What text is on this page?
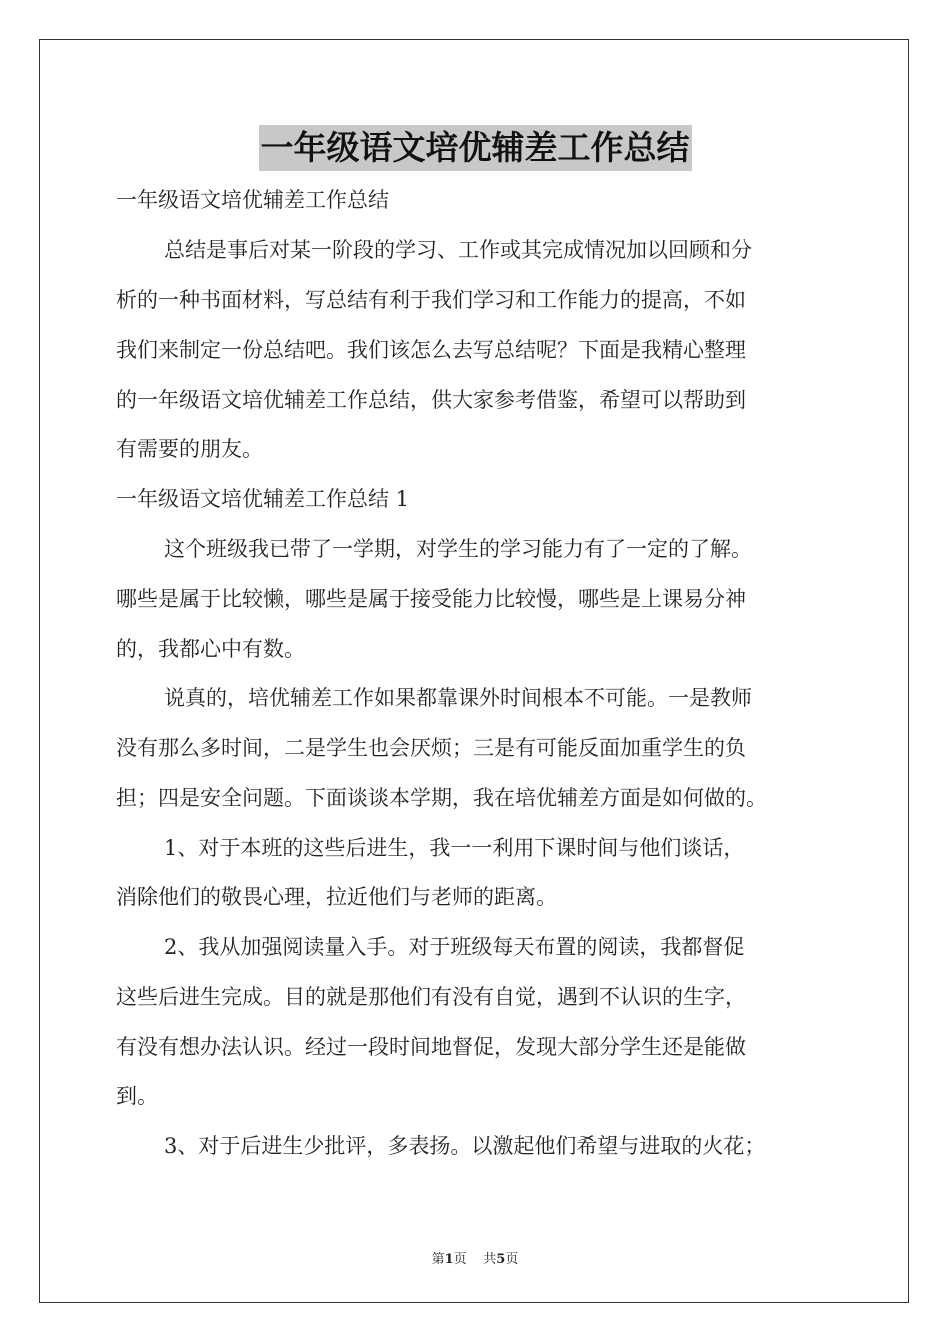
一年级语文培优辅差工作总结
一年级语文培优辅差工作总结
总结是事后对某一阶段的学习、工作或其完成情况加以回顾和分
析的一种书面材料，写总结有利于我们学习和工作能力的提高，不如
我们来制定一份总结吧。我们该怎么去写总结呢？下面是我精心整理
的一年级语文培优辅差工作总结，供大家参考借鉴，希望可以帮助到
有需要的朋友。
一年级语文培优辅差工作总结 1
这个班级我已带了一学期，对学生的学习能力有了一定的了解。
哪些是属于比较懒，哪些是属于接受能力比较慢，哪些是上课易分神
的，我都心中有数。
说真的，培优辅差工作如果都靠课外时间根本不可能。一是教师
没有那么多时间，二是学生也会厌烦；三是有可能反面加重学生的负
担；四是安全问题。下面谈谈本学期，我在培优辅差方面是如何做的。
1、对于本班的这些后进生，我一一利用下课时间与他们谈话，
消除他们的敬畏心理，拉近他们与老师的距离。
2、我从加强阅读量入手。对于班级每天布置的阅读，我都督促
这些后进生完成。目的就是那他们有没有自觉，遇到不认识的生字，
有没有想办法认识。经过一段时间地督促，发现大部分学生还是能做
到。
3、对于后进生少批评，多表扬。以激起他们希望与进取的火花；
第1页 共5页
